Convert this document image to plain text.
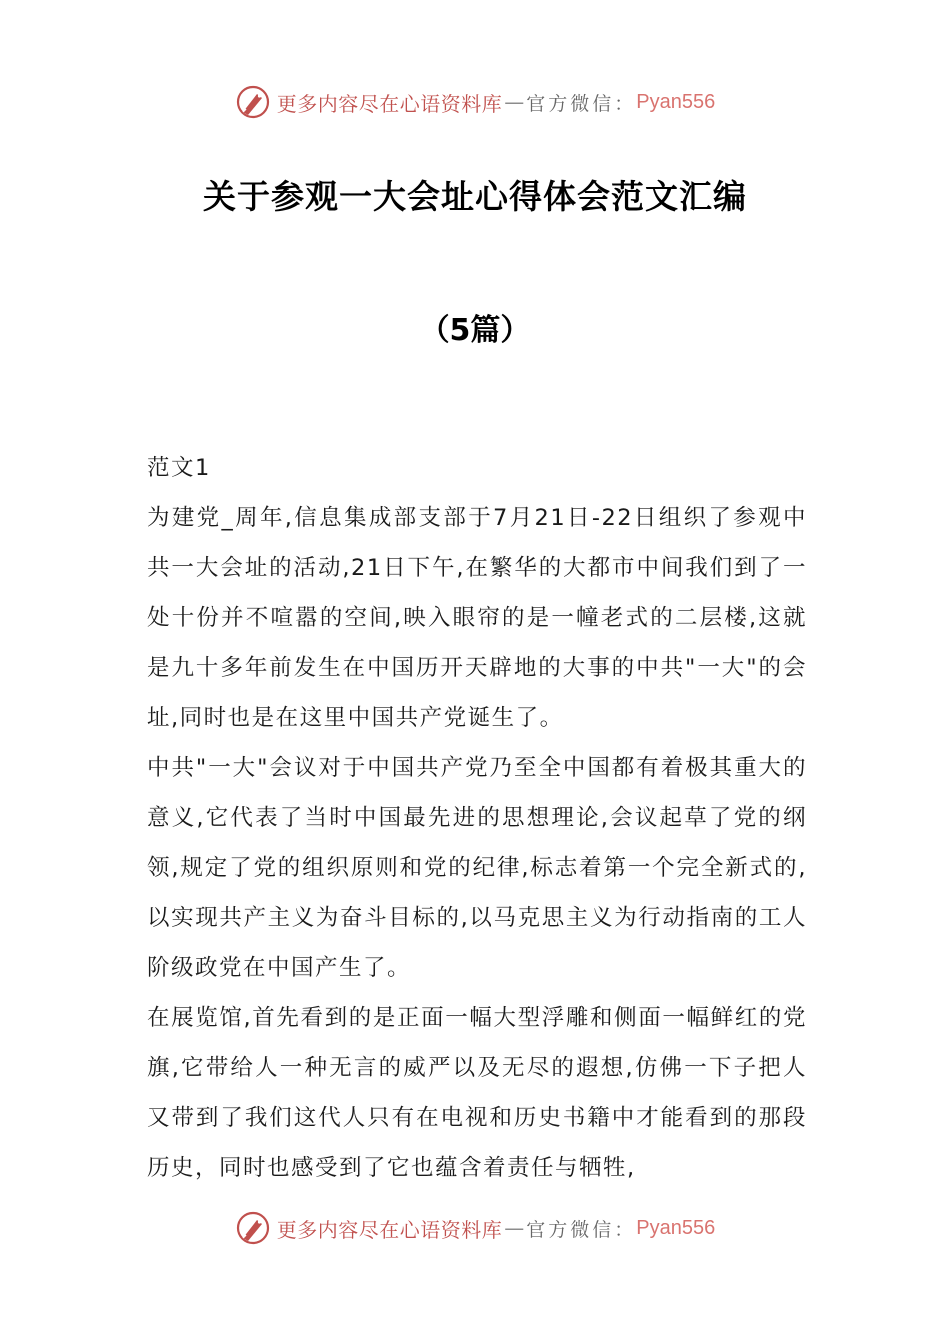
更多内容尽在心语资料库 — 官方微信： Pyan556
关于参观一大会址心得体会范文汇编
（5篇）

范文1

为建党_周年,信息集成部支部于7月21日-22日组织了参观中共一大会址的活动,21日下午,在繁华的大都市中间我们到了一处十份并不喧嚣的空间,映入眼帘的是一幢老式的二层楼,这就是九十多年前发生在中国历开天辟地的大事的中共"一大"的会址,同时也是在这里中国共产党诞生了。

中共"一大"会议对于中国共产党乃至全中国都有着极其重大的意义,它代表了当时中国最先进的思想理论,会议起草了党的纲领,规定了党的组织原则和党的纪律,标志着第一个完全新式的,以实现共产主义为奋斗目标的,以马克思主义为行动指南的工人阶级政党在中国产生了。

在展览馆,首先看到的是正面一幅大型浮雕和侧面一幅鲜红的党旗,它带给人一种无言的威严以及无尽的遐想,仿佛一下子把人又带到了我们这代人只有在电视和历史书籍中才能看到的那段历史，同时也感受到了它也蕴含着责任与牺牲,

更多内容尽在心语资料库 — 官方微信： Pyan556
